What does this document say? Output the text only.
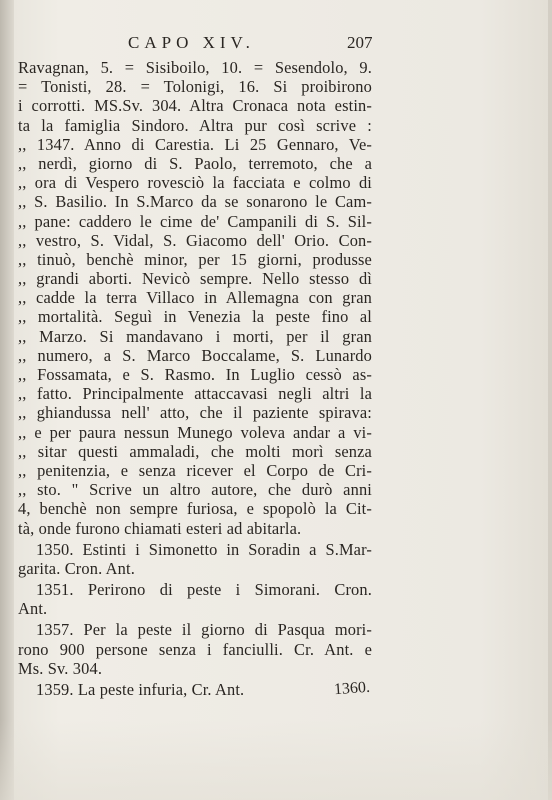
CAPO XIV.	207
Ravagnan, 5. = Sisiboilo, 10. = Sesendolo, 9.
= Tonisti, 28. = Tolonigi, 16. Si proibirono
i corrotti. MS.Sv. 304. Altra Cronaca nota estin-
ta la famiglia Sindoro. Altra pur così scrive :
,, 1347. Anno di Carestia. Li 25 Gennaro, Ve-
,, nerdì, giorno di S. Paolo, terremoto, che a
,, ora di Vespero rovesciò la facciata e colmo di
,, S. Basilio. In S.Marco da se sonarono le Cam-
,, pane: caddero le cime de' Campanili di S. Sil-
,, vestro, S. Vidal, S. Giacomo dell' Orio. Con-
,, tinuò, benchè minor, per 15 giorni, produsse
,, grandi aborti. Nevicò sempre. Nello stesso dì
,, cadde la terra Villaco in Allemagna con gran
,, mortalità. Seguì in Venezia la peste fino al
,, Marzo. Si mandavano i morti, per il gran
,, numero, a S. Marco Boccalame, S. Lunardo
,, Fossamata, e S. Rasmo. In Luglio cessò as-
,, fatto. Principalmente attaccavasi negli altri la
,, ghiandussa nell' atto, che il paziente spirava:
,, e per paura nessun Munego voleva andar a vi-
,, sitar questi ammaladi, che molti morì senza
,, penitenzia, e senza ricever el Corpo de Cri-
,, sto. " Scrive un altro autore, che durò anni
4, benchè non sempre furiosa, e spopolò la Cit-
tà, onde furono chiamati esteri ad abitarla.
1350. Estinti i Simonetto in Soradin a S.Mar-
garita. Cron. Ant.
1351. Perirono di peste i Simorani. Cron.
Ant.
1357. Per la peste il giorno di Pasqua mori-
rono 900 persone senza i fanciulli. Cr. Ant. e
Ms. Sv. 304.
1359. La peste infuria, Cr. Ant.	1360.
